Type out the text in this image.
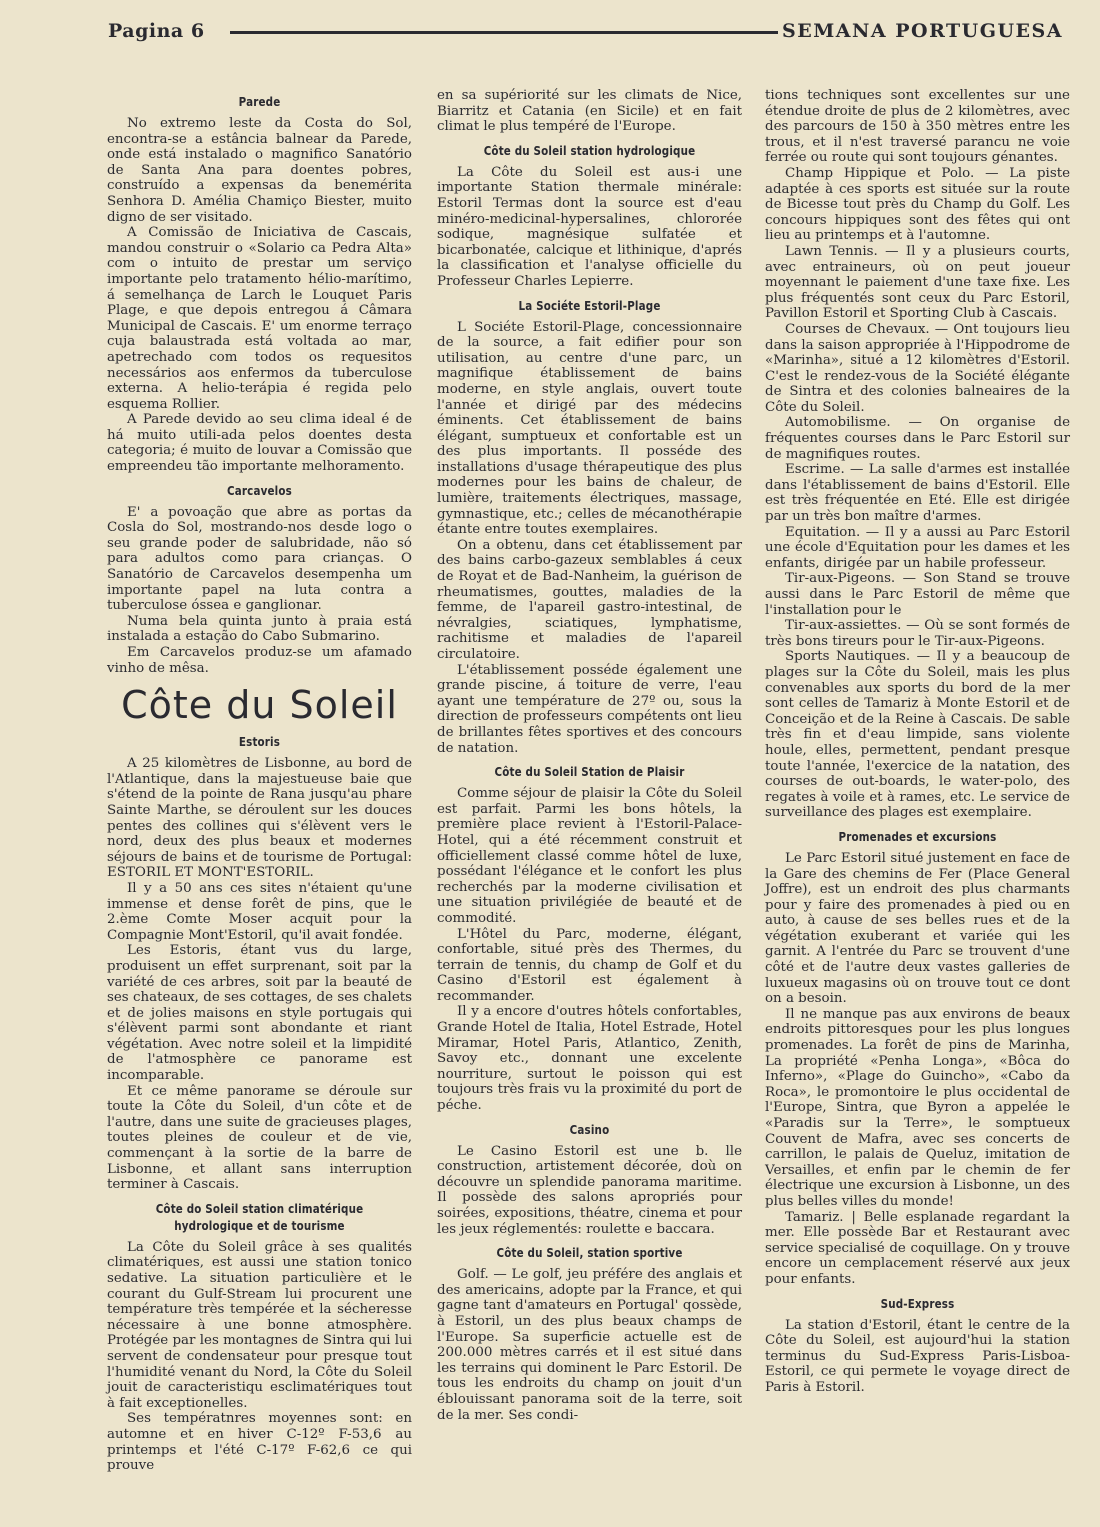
Pagina 6	SEMANA PORTUGUESA
Parede

No extremo leste da Costa do Sol, encontra-se a estância balnear da Parede, onde está instalado o magnifico Sanatório de Santa Ana para doentes pobres, construído a expensas da benemérita Senhora D. Amélia Chamiço Biester, muito digno de ser visitado.

A Comissão de Iniciativa de Cascais, mandou construir o «Solario ca Pedra Alta» com o intuito de prestar um serviço importante pelo tratamento hélio-marítimo, á semelhança de Larch le Louquet Paris Plage, e que depois entregou á Câmara Municipal de Cascais. E' um enorme terraço cuja balaustrada está voltada ao mar, apetrechado com todos os requesitos necessários aos enfermos da tuberculose externa. A helio-terápia é regida pelo esquema Rollier.

A Parede devido ao seu clima ideal é de há muito utili-ada pelos doentes desta categoria; é muito de louvar a Comissão que empreendeu tão importante melhoramento.

Carcavelos

E' a povoação que abre as portas da Cosla do Sol, mostrando-nos desde logo o seu grande poder de salubridade, não só para adultos como para crianças. O Sanatório de Carcavelos desempenha um importante papel na luta contra a tuberculose óssea e ganglionar.

Numa bela quinta junto à praia está instalada a estação do Cabo Submarino.

Em Carcavelos produz-se um afamado vinho de mêsa.

Côte du Soleil
Estoris

A 25 kilomètres de Lisbonne, au bord de l'Atlantique, dans la majestueuse baie que s'étend de la pointe de Rana jusqu'au phare Sainte Marthe, se déroulent sur les douces pentes des collines qui s'élèvent vers le nord, deux des plus beaux et modernes séjours de bains et de tourisme de Portugal: ESTORIL ET MONT'ESTORIL.

Il y a 50 ans ces sites n'étaient qu'une immense et dense forêt de pins, que le 2.ème Comte Moser acquit pour la Compagnie Mont'Estoril, qu'il avait fondée.

Les Estoris, étant vus du large, produisent un effet surprenant, soit par la variété de ces arbres, soit par la beauté de ses chateaux, de ses cottages, de ses chalets et de jolies maisons en style portugais qui s'élèvent parmi sont abondante et riant végétation. Avec notre soleil et la limpidité de l'atmosphère ce panorame est incomparable.

Et ce même panorame se déroule sur toute la Côte du Soleil, d'un côte et de l'autre, dans une suite de gracieuses plages, toutes pleines de couleur et de vie, commençant à la sortie de la barre de Lisbonne, et allant sans interruption terminer à Cascais.

Côte do Soleil station climatérique hydrologique et de tourisme

La Côte du Soleil grâce à ses qualités climatériques, est aussi une station tonico sedative. La situation particulière et le courant du Gulf-Stream lui procurent une température très tempérée et la sécheresse nécessaire à une bonne atmosphère. Protégée par les montagnes de Sintra qui lui servent de condensateur pour presque tout l'humidité venant du Nord, la Côte du Soleil jouit de caracteristiqu esclimatériques tout à fait exceptionelles.

Ses températnres moyennes sont: en automne et en hiver C-12º F-53,6 au printemps et l'été C-17º F-62,6 ce qui prouve

en sa supériorité sur les climats de Nice, Biarritz et Catania (en Sicile) et en fait climat le plus tempéré de l'Europe.

Côte du Soleil station hydrologique

La Côte du Soleil est aus-i une importante Station thermale minérale: Estoril Termas dont la source est d'eau minéro-medicinal-hypersalines, chlororée sodique, magnésique sulfatée et bicarbonatée, calcique et lithinique, d'aprés la classification et l'analyse officielle du Professeur Charles Lepierre.

La Sociéte Estoril-Plage

L Sociéte Estoril-Plage, concessionnaire de la source, a fait edifier pour son utilisation, au centre d'une parc, un magnifique établissement de bains moderne, en style anglais, ouvert toute l'année et dirigé par des médecins éminents. Cet établissement de bains élégant, sumptueux et confortable est un des plus importants. Il posséde des installations d'usage thérapeutique des plus modernes pour les bains de chaleur, de lumière, traitements électriques, massage, gymnastique, etc.; celles de mécanothérapie étante entre toutes exemplaires.

On a obtenu, dans cet établissement par des bains carbo-gazeux semblables á ceux de Royat et de Bad-Nanheim, la guérison de rheumatismes, gouttes, maladies de la femme, de l'apareil gastro-intestinal, de névralgies, sciatiques, lymphatisme, rachitisme et maladies de l'apareil circulatoire.

L'établissement posséde également une grande piscine, á toiture de verre, l'eau ayant une température de 27º ou, sous la direction de professeurs compétents ont lieu de brillantes fêtes sportives et des concours de natation.

Côte du Soleil Station de Plaisir

Comme séjour de plaisir la Côte du Soleil est parfait. Parmi les bons hôtels, la première place revient à l'Estoril-Palace-Hotel, qui a été récemment construit et officiellement classé comme hôtel de luxe, possédant l'élégance et le confort les plus recherchés par la moderne civilisation et une situation privilégiée de beauté et de commodité.

L'Hôtel du Parc, moderne, élégant, confortable, situé près des Thermes, du terrain de tennis, du champ de Golf et du Casino d'Estoril est également à recommander.

Il y a encore d'outres hôtels confortables, Grande Hotel de Italia, Hotel Estrade, Hotel Miramar, Hotel Paris, Atlantico, Zenith, Savoy etc., donnant une excelente nourriture, surtout le poisson qui est toujours très frais vu la proximité du port de péche.

Casino

Le Casino Estoril est une b. lle construction, artistement décorée, doù on découvre un splendide panorama maritime. Il possède des salons apropriés pour soirées, expositions, théatre, cinema et pour les jeux réglementés: roulette e baccara.

Côte du Soleil, station sportive

Golf. — Le golf, jeu préfére des anglais et des americains, adopte par la France, et qui gagne tant d'amateurs en Portugal' qossède, à Estoril, un des plus beaux champs de l'Europe. Sa superficie actuelle est de 200.000 mètres carrés et il est situé dans les terrains qui dominent le Parc Estoril. De tous les endroits du champ on jouit d'un éblouissant panorama soit de la terre, soit de la mer. Ses condi-

tions techniques sont excellentes sur une étendue droite de plus de 2 kilomètres, avec des parcours de 150 à 350 mètres entre les trous, et il n'est traversé parancu ne voie ferrée ou route qui sont toujours génantes.

Champ Hippique et Polo. — La piste adaptée à ces sports est située sur la route de Bicesse tout près du Champ du Golf. Les concours hippiques sont des fêtes qui ont lieu au printemps et à l'automne.

Lawn Tennis. — Il y a plusieurs courts, avec entraineurs, où on peut joueur moyennant le paiement d'une taxe fixe. Les plus fréquentés sont ceux du Parc Estoril, Pavillon Estoril et Sporting Club à Cascais.

Courses de Chevaux. — Ont toujours lieu dans la saison appropriée à l'Hippodrome de «Marinha», situé a 12 kilomètres d'Estoril. C'est le rendez-vous de la Société élégante de Sintra et des colonies balneaires de la Côte du Soleil.

Automobilisme. — On organise de fréquentes courses dans le Parc Estoril sur de magnifiques routes.

Escrime. — La salle d'armes est installée dans l'établissement de bains d'Estoril. Elle est très fréquentée en Eté. Elle est dirigée par un très bon maître d'armes.

Equitation. — Il y a aussi au Parc Estoril une école d'Equitation pour les dames et les enfants, dirigée par un habile professeur.

Tir-aux-Pigeons. — Son Stand se trouve aussi dans le Parc Estoril de même que l'installation pour le

Tir-aux-assiettes. — Où se sont formés de très bons tireurs pour le Tir-aux-Pigeons.

Sports Nautiques. — Il y a beaucoup de plages sur la Côte du Soleil, mais les plus convenables aux sports du bord de la mer sont celles de Tamariz à Monte Estoril et de Conceição et de la Reine à Cascais. De sable très fin et d'eau limpide, sans violente houle, elles, permettent, pendant presque toute l'année, l'exercice de la natation, des courses de out-boards, le water-polo, des regates à voile et à rames, etc. Le service de surveillance des plages est exemplaire.

Promenades et excursions

Le Parc Estoril situé justement en face de la Gare des chemins de Fer (Place General Joffre), est un endroit des plus charmants pour y faire des promenades à pied ou en auto, à cause de ses belles rues et de la végétation exuberant et variée qui les garnit. A l'entrée du Parc se trouvent d'une côté et de l'autre deux vastes galleries de luxueux magasins où on trouve tout ce dont on a besoin.

Il ne manque pas aux environs de beaux endroits pittoresques pour les plus longues promenades. La forêt de pins de Marinha, La propriété «Penha Longa», «Bôca do Inferno», «Plage do Guincho», «Cabo da Roca», le promontoire le plus occidental de l'Europe, Sintra, que Byron a appelée le «Paradis sur la Terre», le somptueux Couvent de Mafra, avec ses concerts de carrillon, le palais de Queluz, imitation de Versailles, et enfin par le chemin de fer électrique une excursion à Lisbonne, un des plus belles villes du monde!

Tamariz. | Belle esplanade regardant la mer. Elle possède Bar et Restaurant avec service specialisé de coquillage. On y trouve encore un cemplacement réservé aux jeux pour enfants.

Sud-Express

La station d'Estoril, étant le centre de la Côte du Soleil, est aujourd'hui la station terminus du Sud-Express Paris-Lisboa-Estoril, ce qui permete le voyage direct de Paris à Estoril.
